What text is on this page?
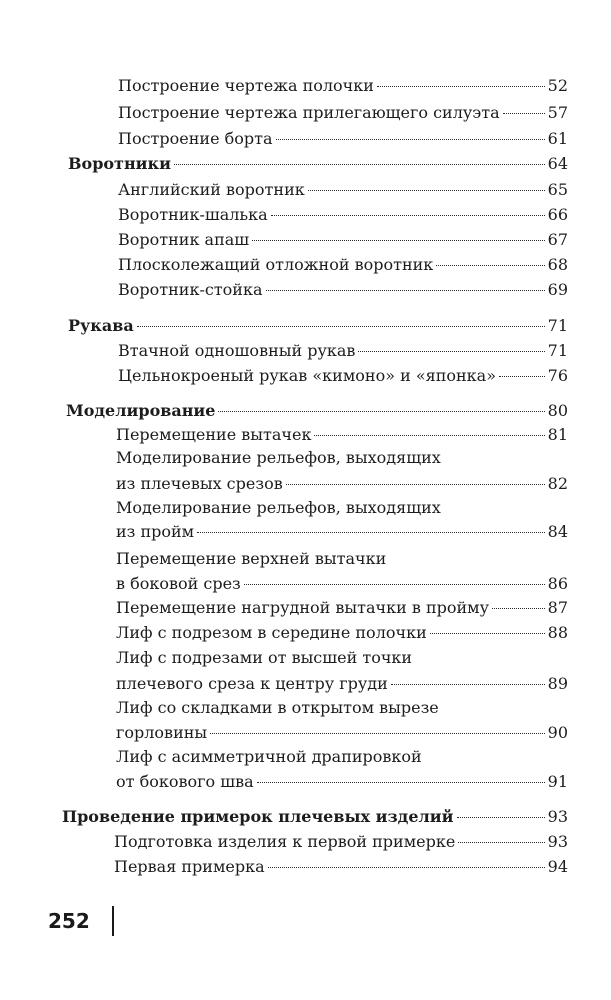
Построение чертежа полочки	52
Построение чертежа прилегающего силуэта	57
Построение борта	61
Воротники	64
Английский воротник	65
Воротник-шалька	66
Воротник апаш	67
Плосколежащий отложной воротник	68
Воротник-стойка	69
Рукава	71
Втачной одношовный рукав	71
Цельнокроеный рукав «кимоно» и «японка»	76
Моделирование	80
Перемещение вытачек	81
Моделирование рельефов, выходящих
из плечевых срезов	82
Моделирование рельефов, выходящих
из пройм	84
Перемещение верхней вытачки
в боковой срез	86
Перемещение нагрудной вытачки в пройму	87
Лиф с подрезом в середине полочки	88
Лиф с подрезами от высшей точки
плечевого среза к центру груди	89
Лиф со складками в открытом вырезе
горловины	90
Лиф с асимметричной драпировкой
от бокового шва	91
Проведение примерок плечевых изделий	93
Подготовка изделия к первой примерке	93
Первая примерка	94
252
